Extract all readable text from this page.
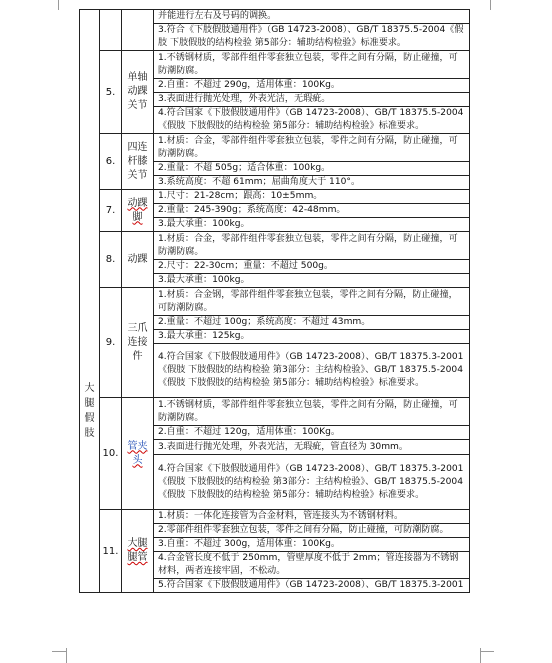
大腿假肢			并能进行左右及号码的调换。
			3.符合《下肢假肢通用件》（GB 14723-2008）、GB/T 18375.5-2004《假肢 下肢假肢的结构检验 第5部分：辅助结构检验》标准要求。
	5.	单轴动踝关节	1.不锈钢材质，零部件组件零套独立包装，零件之间有分隔，防止碰撞，可防潮防腐。
			2.自重：不超过 290g，适用体重：100Kg。
			3.表面进行抛光处理，外表光洁，无瑕疵。
			4.符合国家《下肢假肢通用件》（GB 14723-2008）、GB/T 18375.5-2004《假肢 下肢假肢的结构检验 第5部分：辅助结构检验》标准要求。
	6.	四连杆膝关节	1.材质：合金，零部件组件零套独立包装，零件之间有分隔，防止碰撞，可防潮防腐。
			2.重量：不超 505g；适合体重：100kg。
			3.系统高度：不超 61mm；屈曲角度大于 110°。
	7.	动踝脚	1.尺寸：21-28cm；跟高：10±5mm。
			2.重量：245-390g；系统高度：42-48mm。
			3.最大承重：100kg。
	8.	动踝	1.材质：合金，零部件组件零套独立包装，零件之间有分隔，防止碰撞，可防潮防腐。
			2.尺寸：22-30cm；重量：不超过 500g。
			3.最大承重：100kg。
	9.	三爪连接件	1.材质：合金钢，零部件组件零套独立包装，零件之间有分隔，防止碰撞，可防潮防腐。
			2.重量：不超过 100g；系统高度：不超过 43mm。
			3.最大承重：125kg。
			4.符合国家《下肢假肢通用件》（GB 14723-2008）、GB/T 18375.3-2001《假肢 下肢假肢的结构检验 第3部分：主结构检验》、GB/T 18375.5-2004《假肢 下肢假肢的结构检验 第5部分：辅助结构检验》标准要求。
	10.	管夹头	1.不锈钢材质，零部件组件零套独立包装，零件之间有分隔，防止碰撞，可防潮防腐。
			2.自重：不超过 120g，适用体重：100Kg。
			3.表面进行抛光处理，外表光洁，无瑕疵，管直径为 30mm。
			4.符合国家《下肢假肢通用件》（GB 14723-2008）、GB/T 18375.3-2001《假肢 下肢假肢的结构检验 第3部分：主结构检验》、GB/T 18375.5-2004《假肢 下肢假肢的结构检验 第5部分：辅助结构检验》标准要求。
	11.	大腿腿管	1.材质：一体化连接管为合金材料，管连接头为不锈钢材料。
			2.零部件组件零套独立包装，零件之间有分隔，防止碰撞，可防潮防腐。
			3.自重：不超过 300g，适用体重：100Kg。
			4.合金管长度不低于 250mm，管壁厚度不低于 2mm；管连接器为不锈钢材料，两者连接牢固，不松动。
			5.符合国家《下肢假肢通用件》（GB 14723-2008）、GB/T 18375.3-2001
